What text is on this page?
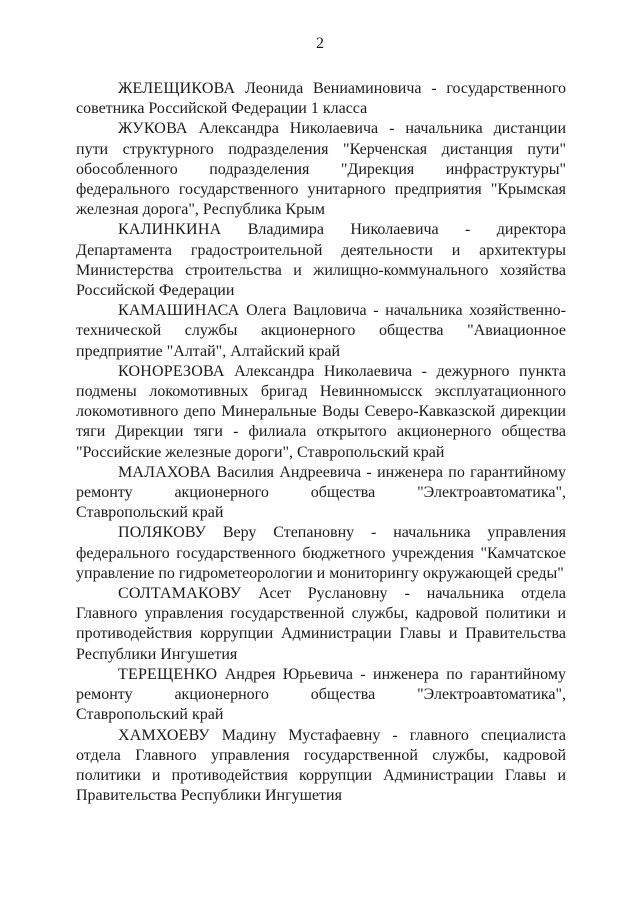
2

ЖЕЛЕЩИКОВА Леонида Вениаминовича - государственного советника Российской Федерации 1 класса

ЖУКОВА Александра Николаевича - начальника дистанции пути структурного подразделения "Керченская дистанция пути" обособленного подразделения "Дирекция инфраструктуры" федерального государственного унитарного предприятия "Крымская железная дорога", Республика Крым

КАЛИНКИНА Владимира Николаевича - директора Департамента градостроительной деятельности и архитектуры Министерства строительства и жилищно-коммунального хозяйства Российской Федерации

КАМАШИНАСА Олега Вацловича - начальника хозяйственно-технической службы акционерного общества "Авиационное предприятие "Алтай", Алтайский край

КОНОРЕЗОВА Александра Николаевича - дежурного пункта подмены локомотивных бригад Невинномысск эксплуатационного локомотивного депо Минеральные Воды Северо-Кавказской дирекции тяги Дирекции тяги - филиала открытого акционерного общества "Российские железные дороги", Ставропольский край

МАЛАХОВА Василия Андреевича - инженера по гарантийному ремонту акционерного общества "Электроавтоматика", Ставропольский край

ПОЛЯКОВУ Веру Степановну - начальника управления федерального государственного бюджетного учреждения "Камчатское управление по гидрометеорологии и мониторингу окружающей среды"

СОЛТАМАКОВУ Асет Руслановну - начальника отдела Главного управления государственной службы, кадровой политики и противодействия коррупции Администрации Главы и Правительства Республики Ингушетия

ТЕРЕЩЕНКО Андрея Юрьевича - инженера по гарантийному ремонту акционерного общества "Электроавтоматика", Ставропольский край

ХАМХОЕВУ Мадину Мустафаевну - главного специалиста отдела Главного управления государственной службы, кадровой политики и противодействия коррупции Администрации Главы и Правительства Республики Ингушетия
